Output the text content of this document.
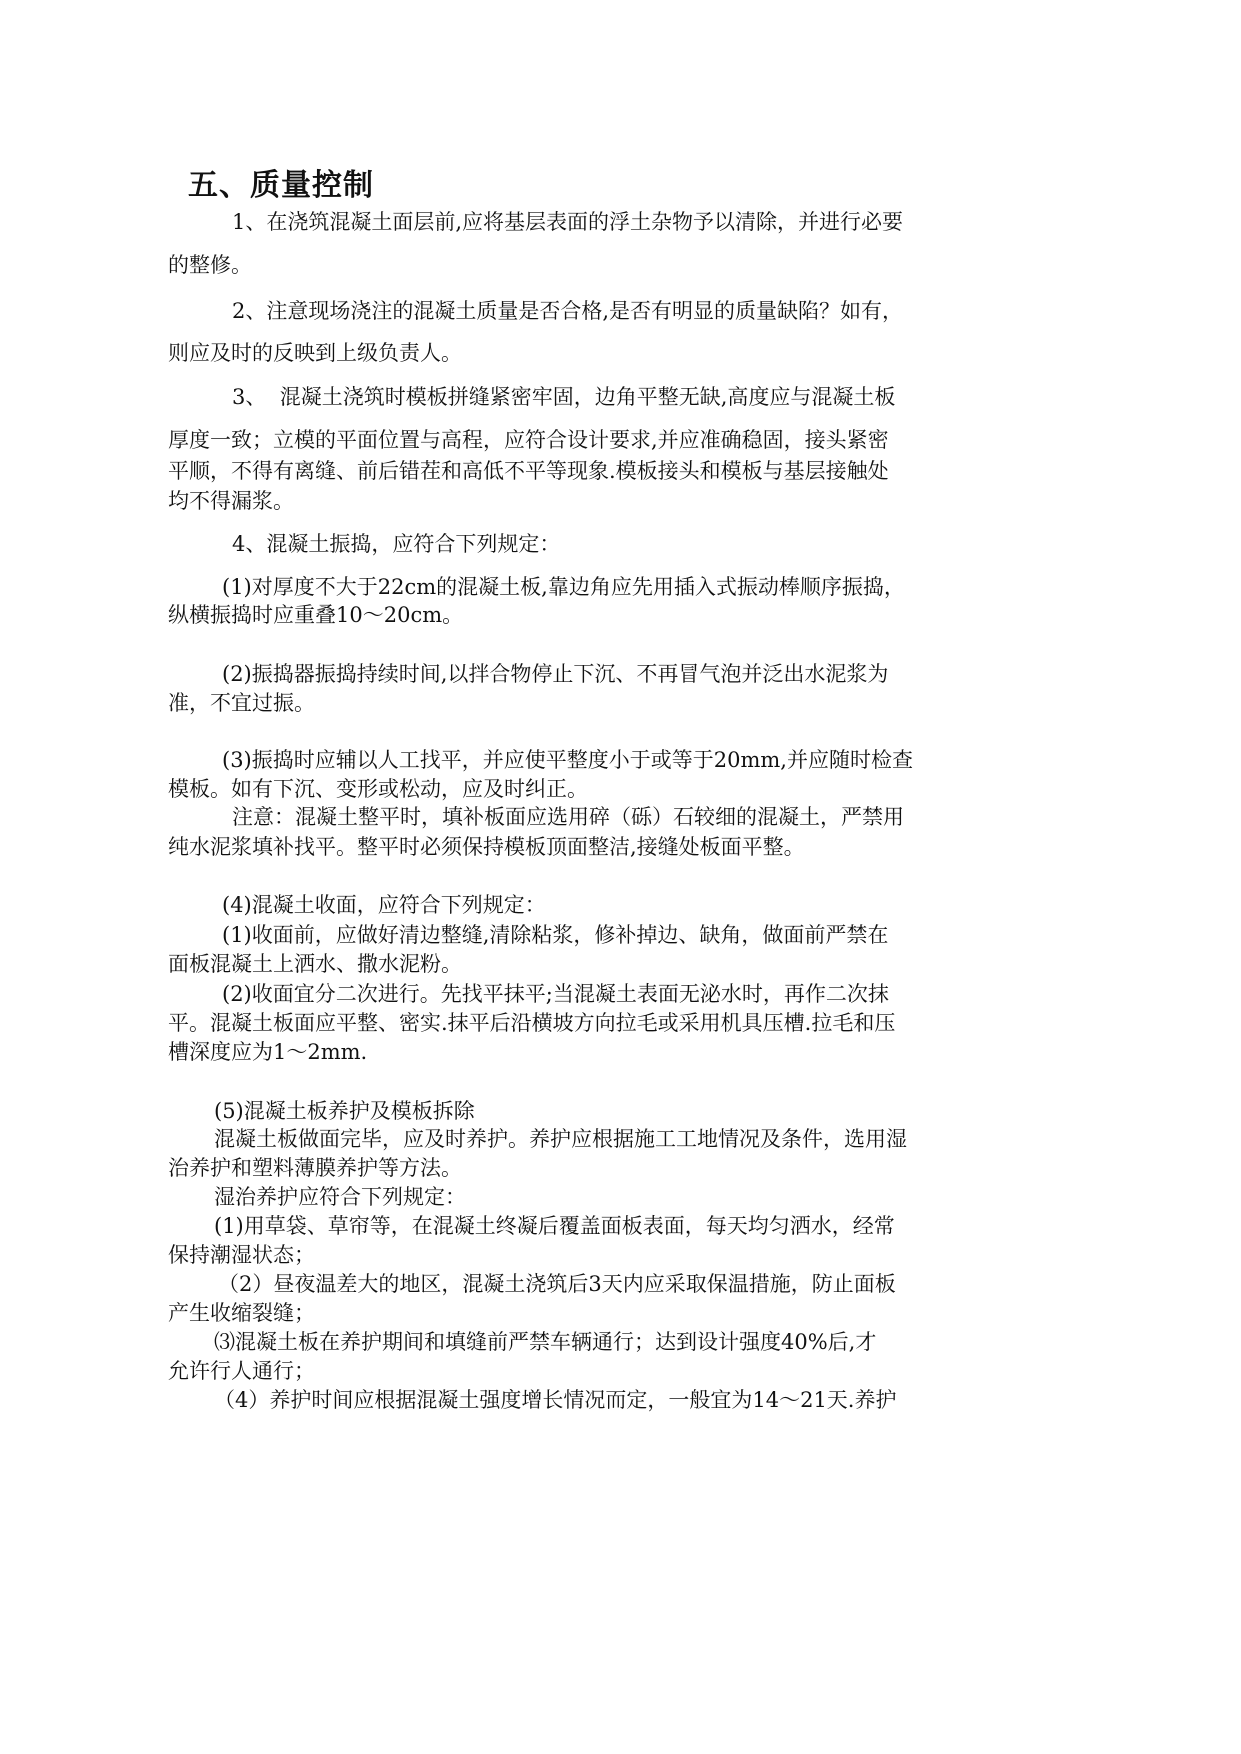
五、质量控制
1、在浇筑混凝土面层前,应将基层表面的浮土杂物予以清除，并进行必要
的整修。
2、注意现场浇注的混凝土质量是否合格,是否有明显的质量缺陷？如有，
则应及时的反映到上级负责人。
3、  混凝土浇筑时模板拼缝紧密牢固，边角平整无缺,高度应与混凝土板
厚度一致；立模的平面位置与高程，应符合设计要求,并应准确稳固，接头紧密
平顺，不得有离缝、前后错茬和高低不平等现象.模板接头和模板与基层接触处
均不得漏浆。
4、混凝土振捣，应符合下列规定：
(1)对厚度不大于22cm的混凝土板,靠边角应先用插入式振动棒顺序振捣，
纵横振捣时应重叠10～20cm。
(2)振捣器振捣持续时间,以拌合物停止下沉、不再冒气泡并泛出水泥浆为
准，不宜过振。
(3)振捣时应辅以人工找平，并应使平整度小于或等于20mm,并应随时检查
模板。如有下沉、变形或松动，应及时纠正。
注意：混凝土整平时，填补板面应选用碎（砾）石较细的混凝土，严禁用
纯水泥浆填补找平。整平时必须保持模板顶面整洁,接缝处板面平整。
(4)混凝土收面，应符合下列规定：
(1)收面前，应做好清边整缝,清除粘浆，修补掉边、缺角，做面前严禁在
面板混凝土上洒水、撒水泥粉。
(2)收面宜分二次进行。先找平抹平;当混凝土表面无泌水时，再作二次抹
平。混凝土板面应平整、密实.抹平后沿横坡方向拉毛或采用机具压槽.拉毛和压
槽深度应为1～2mm.
(5)混凝土板养护及模板拆除
混凝土板做面完毕，应及时养护。养护应根据施工工地情况及条件，选用湿
治养护和塑料薄膜养护等方法。
湿治养护应符合下列规定：
(1)用草袋、草帘等，在混凝土终凝后覆盖面板表面，每天均匀洒水，经常
保持潮湿状态；
（2）昼夜温差大的地区，混凝土浇筑后3天内应采取保温措施，防止面板
产生收缩裂缝；
⑶混凝土板在养护期间和填缝前严禁车辆通行；达到设计强度40%后,才
允许行人通行；
（4）养护时间应根据混凝土强度增长情况而定，一般宜为14～21天.养护
